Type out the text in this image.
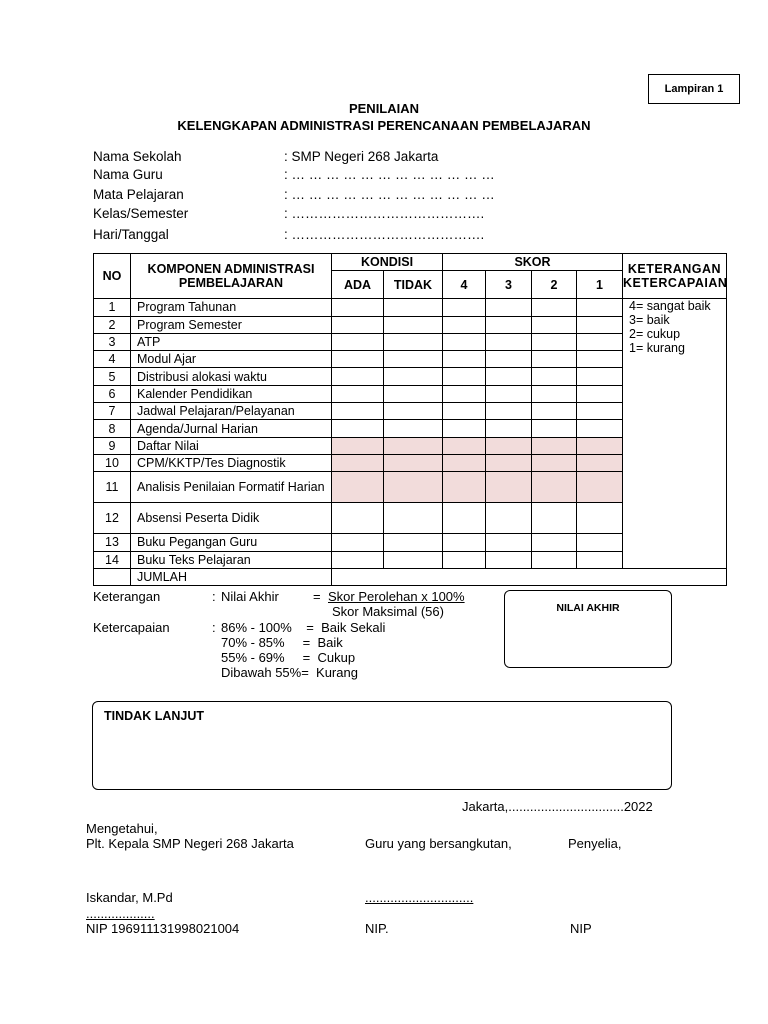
Lampiran 1
PENILAIAN
KELENGKAPAN ADMINISTRASI PERENCANAAN PEMBELAJARAN
Nama Sekolah	: SMP Negeri 268 Jakarta
Nama Guru	: … … … … … … … … … … … …
Mata Pelajaran	: … … … … … … … … … … … …
Kelas/Semester	: …………………………………….
Hari/Tanggal	: …………………………………….
NO	KOMPONEN ADMINISTRASI PEMBELAJARAN	KONDISI		SKOR				KETERANGAN KETERCAPAIAN
		ADA	TIDAK	4	3	2	1	
1	Program Tahunan							4= sangat baik
3= baik
2= cukup
1= kurang

2	Program Semester							
3	ATP							
4	Modul Ajar							
5	Distribusi alokasi waktu							
6	Kalender Pendidikan							
7	Jadwal Pelajaran/Pelayanan							
8	Agenda/Jurnal Harian							
9	Daftar Nilai							
10	CPM/KKTP/Tes Diagnostik							
11	Analisis Penilaian Formatif Harian							
12	Absensi Peserta Didik							
13	Buku Pegangan Guru							
14	Buku Teks Pelajaran							
	JUMLAH							
Keterangan	: Nilai Akhir	= Skor Perolehan x 100%
Skor Maksimal (56)
Ketercapaian	: 86% - 100%    =  Baik Sekali
70% - 85%     =  Baik
55% - 69%     =  Cukup
Dibawah 55%=  Kurang
NILAI AKHIR
TINDAK LANJUT
Jakarta,................................2022
Mengetahui,
Plt. Kepala SMP Negeri 268 Jakarta	Guru yang bersangkutan,	Penyelia,
Iskandar, M.Pd	..............................
...................
NIP 196911131998021004	NIP.	NIP
